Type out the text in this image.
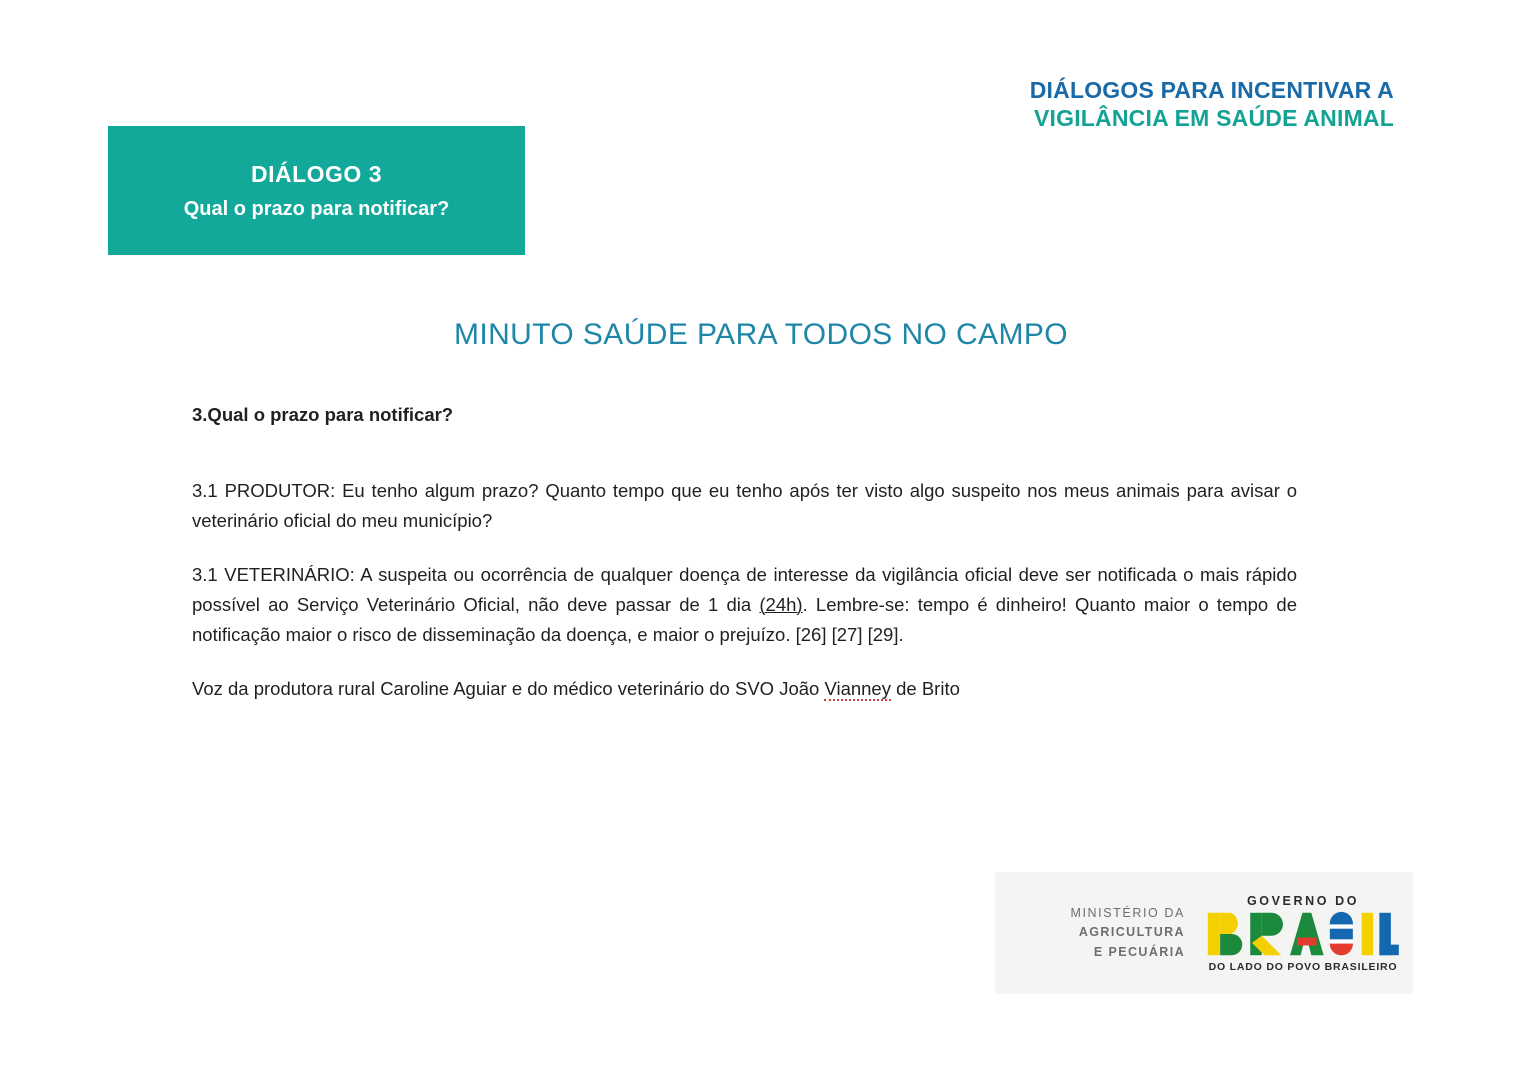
DIÁLOGOS PARA INCENTIVAR A
VIGILÂNCIA EM SAÚDE ANIMAL
DIÁLOGO 3
Qual o prazo para notificar?
MINUTO SAÚDE PARA TODOS NO CAMPO
3.Qual o prazo para notificar?

3.1 PRODUTOR: Eu tenho algum prazo? Quanto tempo que eu tenho após ter visto algo suspeito nos meus animais para avisar o veterinário oficial do meu município?

3.1 VETERINÁRIO: A suspeita ou ocorrência de qualquer doença de interesse da vigilância oficial deve ser notificada o mais rápido possível ao Serviço Veterinário Oficial, não deve passar de 1 dia (24h). Lembre-se: tempo é dinheiro! Quanto maior o tempo de notificação maior o risco de disseminação da doença, e maior o prejuízo. [26] [27] [29].

Voz da produtora rural Caroline Aguiar e do médico veterinário do SVO João Vianney de Brito

MINISTÉRIO DA
AGRICULTURA
E PECUÁRIA
GOVERNO DO
DO LADO DO POVO BRASILEIRO
